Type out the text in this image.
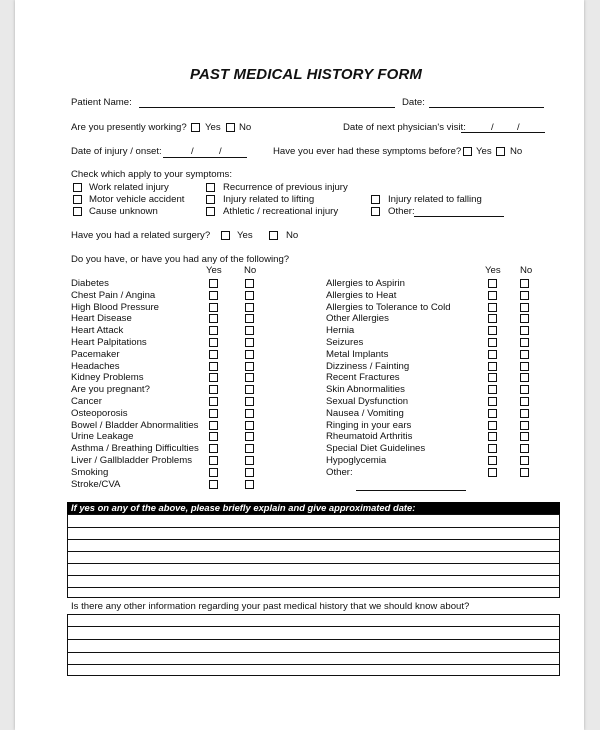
PAST MEDICAL HISTORY FORM
Patient Name:	Date:
Are you presently working? Yes No	Date of next physician's visit:	/ /
Date of injury / onset:	/	/	Have you ever had these symptoms before? Yes No
Check which apply to your symptoms:
Work related injury
Motor vehicle accident
Cause unknown
Recurrence of previous injury
Injury related to lifting
Athletic / recreational injury
Injury related to falling
Other:
Have you had a related surgery?	Yes	No
Do you have, or have you had any of the following?
Yes No	Yes No
Diabetes
Chest Pain / Angina
High Blood Pressure
Heart Disease
Heart Attack
Heart Palpitations
Pacemaker
Headaches
Kidney Problems
Are you pregnant?
Cancer
Osteoporosis
Bowel / Bladder Abnormalities
Urine Leakage
Asthma / Breathing Difficulties
Liver / Gallbladder Problems
Smoking
Stroke/CVA
Allergies to Aspirin
Allergies to Heat
Allergies to Tolerance to Cold
Other Allergies
Hernia
Seizures
Metal Implants
Dizziness / Fainting
Recent Fractures
Skin Abnormalities
Sexual Dysfunction
Nausea / Vomiting
Ringing in your ears
Rheumatoid Arthritis
Special Diet Guidelines
Hypoglycemia
Other:
If yes on any of the above, please briefly explain and give approximated date:
Is there any other information regarding your past medical history that we should know about?
